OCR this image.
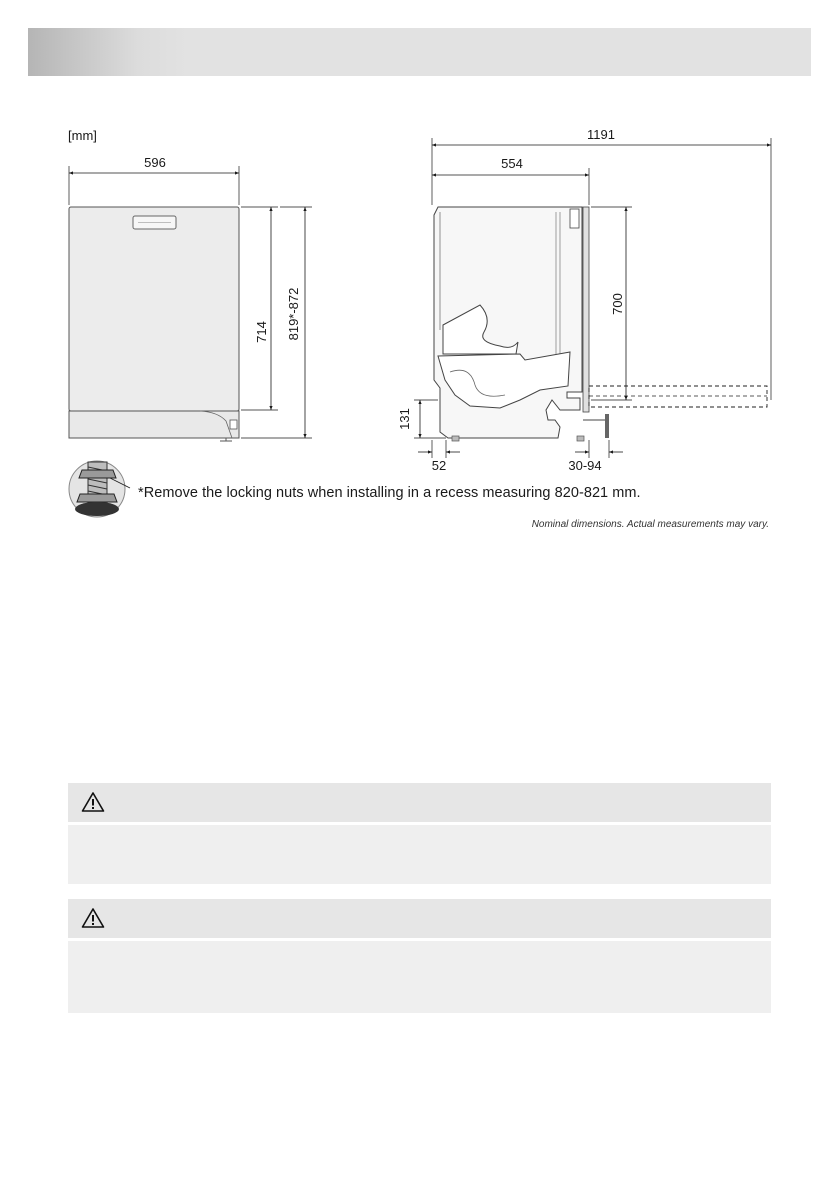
[mm]
596
714 819*-872
1191
554
700
131
52	30-94
*Remove the locking nuts when installing in a recess measuring 820-821 mm.
Nominal dimensions. Actual measurements may vary.
